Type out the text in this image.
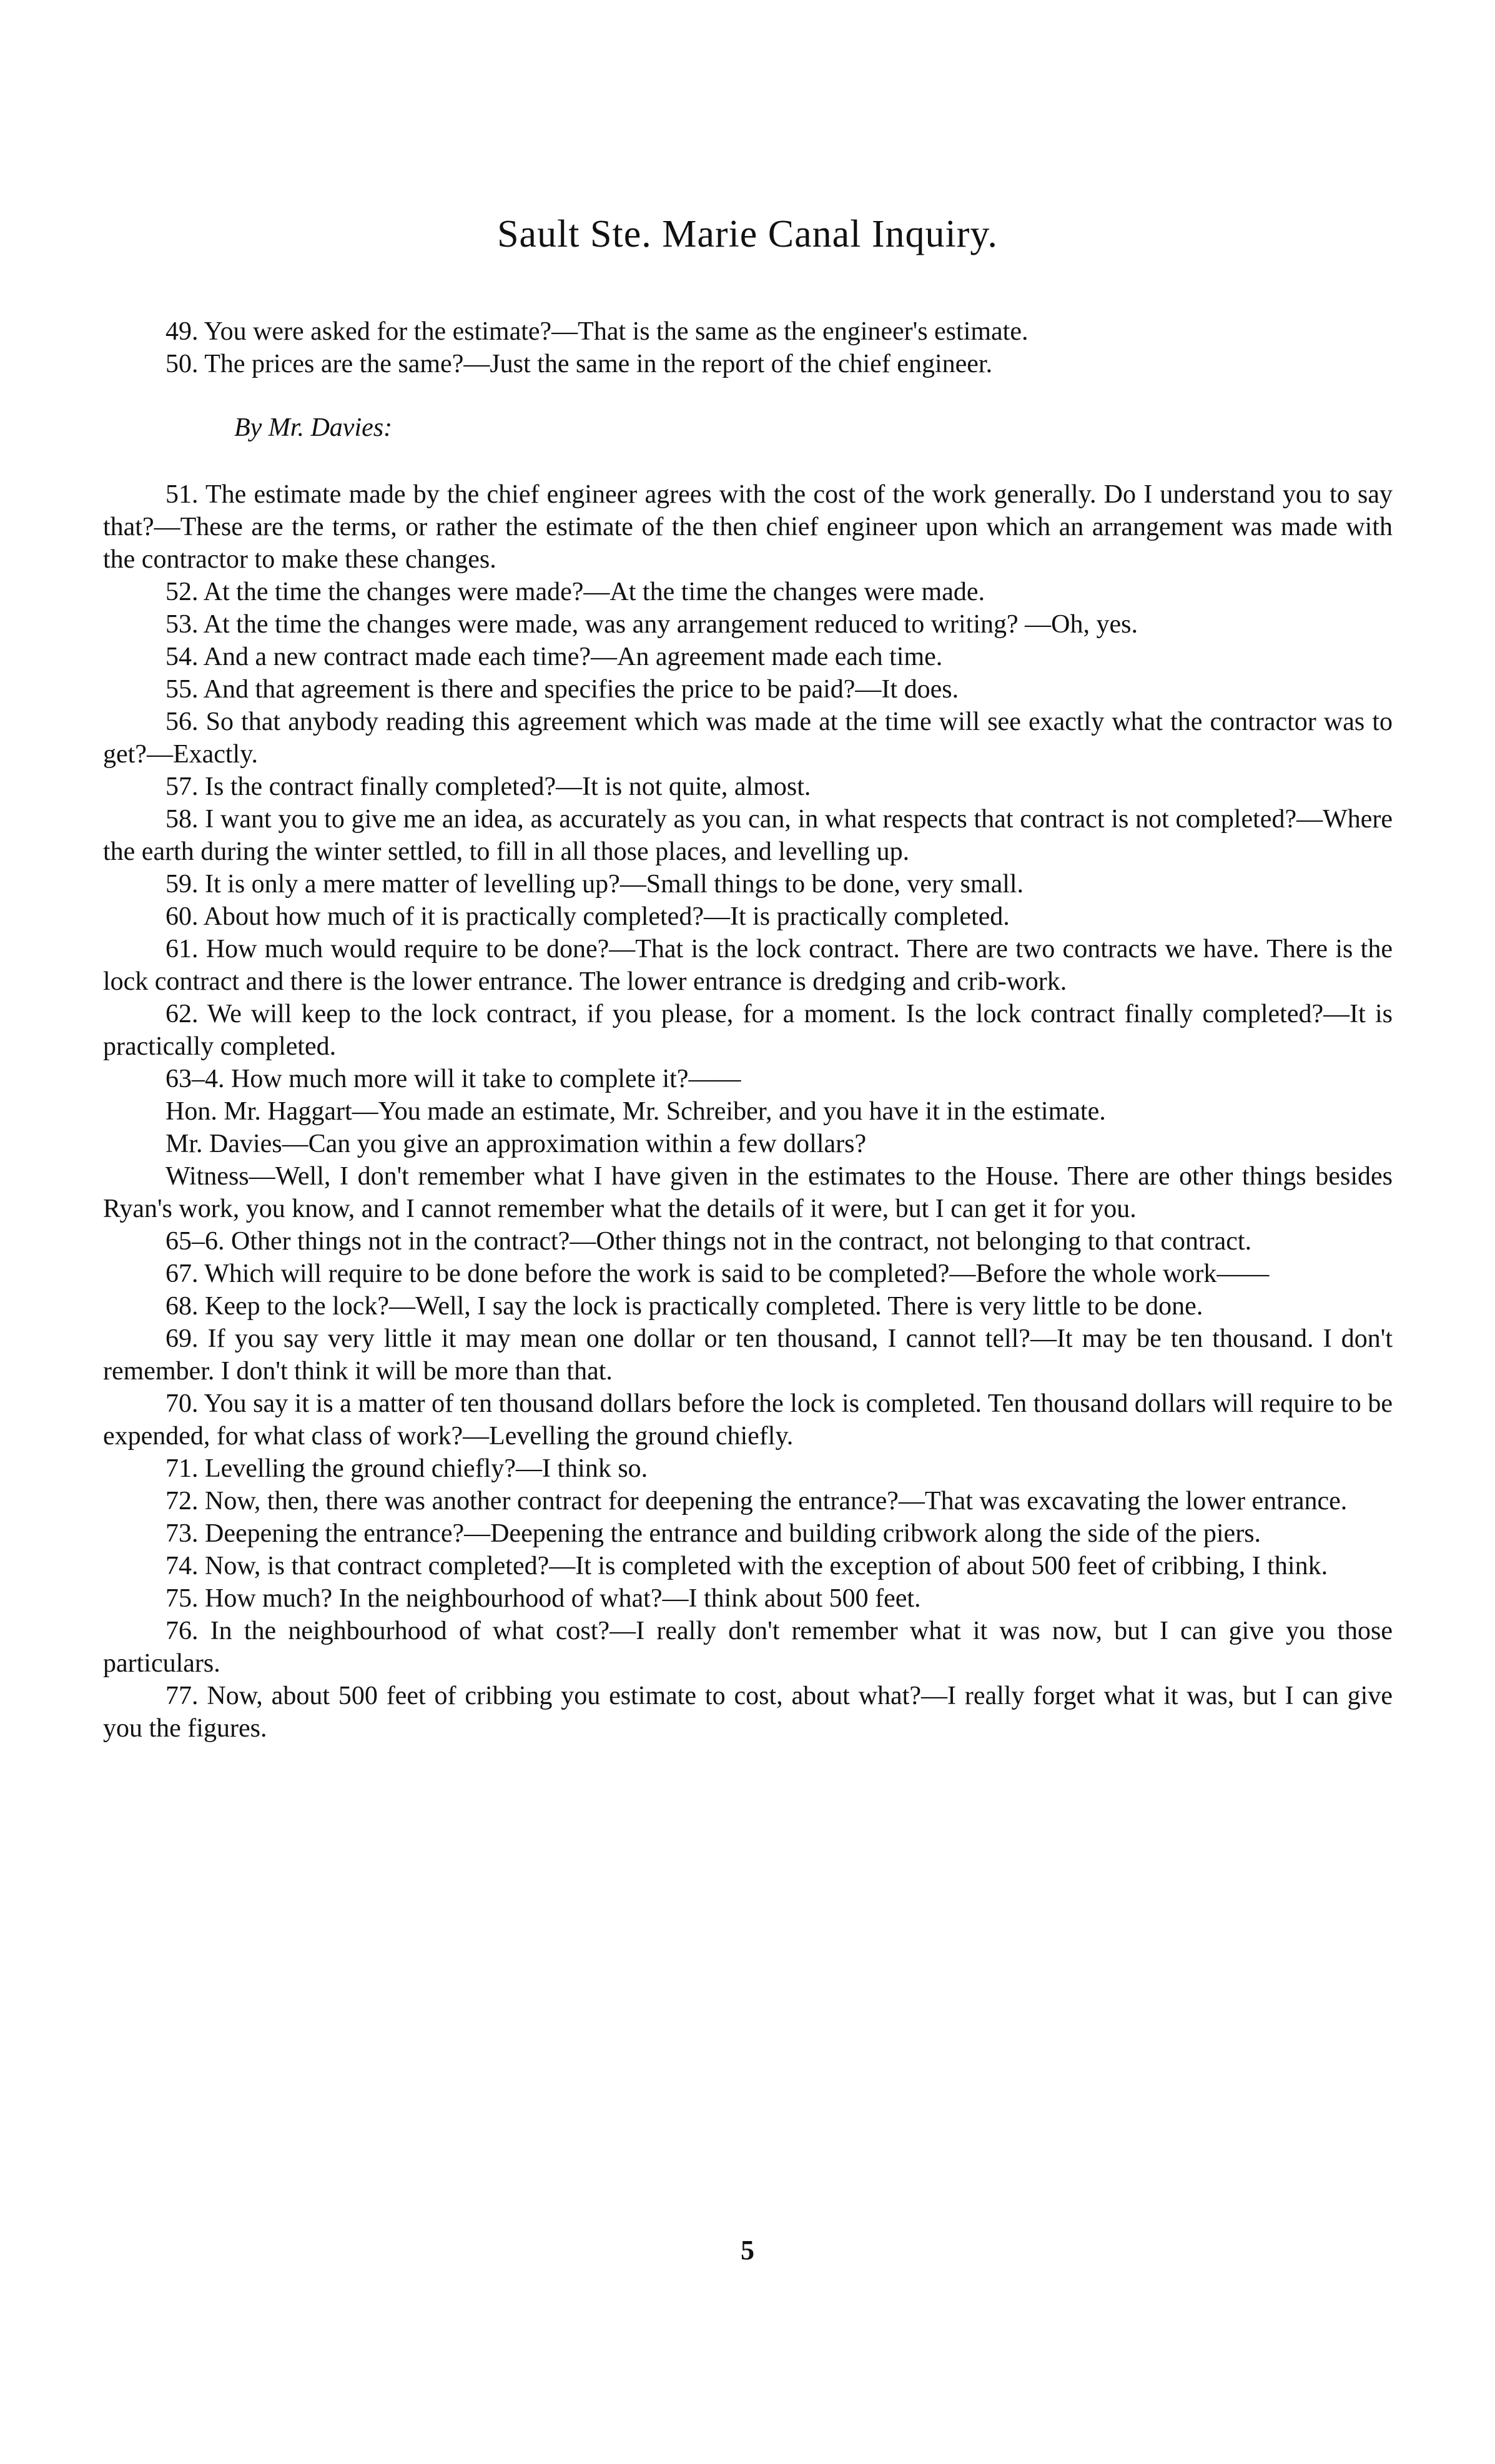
Sault Ste. Marie Canal Inquiry.

49. You were asked for the estimate?—That is the same as the engineer's estimate.

50. The prices are the same?—Just the same in the report of the chief engineer.

By Mr. Davies:

51. The estimate made by the chief engineer agrees with the cost of the work generally. Do I understand you to say that?—These are the terms, or rather the estimate of the then chief engineer upon which an arrangement was made with the contractor to make these changes.

52. At the time the changes were made?—At the time the changes were made.

53. At the time the changes were made, was any arrangement reduced to writing? —Oh, yes.

54. And a new contract made each time?—An agreement made each time.

55. And that agreement is there and specifies the price to be paid?—It does.

56. So that anybody reading this agreement which was made at the time will see exactly what the contractor was to get?—Exactly.

57. Is the contract finally completed?—It is not quite, almost.

58. I want you to give me an idea, as accurately as you can, in what respects that contract is not completed?—Where the earth during the winter settled, to fill in all those places, and levelling up.

59. It is only a mere matter of levelling up?—Small things to be done, very small.

60. About how much of it is practically completed?—It is practically completed.

61. How much would require to be done?—That is the lock contract. There are two contracts we have. There is the lock contract and there is the lower entrance. The lower entrance is dredging and crib-work.

62. We will keep to the lock contract, if you please, for a moment. Is the lock contract finally completed?—It is practically completed.

63–4. How much more will it take to complete it?——

Hon. Mr. Haggart—You made an estimate, Mr. Schreiber, and you have it in the estimate.

Mr. Davies—Can you give an approximation within a few dollars?

Witness—Well, I don't remember what I have given in the estimates to the House. There are other things besides Ryan's work, you know, and I cannot remember what the details of it were, but I can get it for you.

65–6. Other things not in the contract?—Other things not in the contract, not belonging to that contract.

67. Which will require to be done before the work is said to be completed?—Before the whole work——

68. Keep to the lock?—Well, I say the lock is practically completed. There is very little to be done.

69. If you say very little it may mean one dollar or ten thousand, I cannot tell?—It may be ten thousand. I don't remember. I don't think it will be more than that.

70. You say it is a matter of ten thousand dollars before the lock is completed. Ten thousand dollars will require to be expended, for what class of work?—Levelling the ground chiefly.

71. Levelling the ground chiefly?—I think so.

72. Now, then, there was another contract for deepening the entrance?—That was excavating the lower entrance.

73. Deepening the entrance?—Deepening the entrance and building cribwork along the side of the piers.

74. Now, is that contract completed?—It is completed with the exception of about 500 feet of cribbing, I think.

75. How much? In the neighbourhood of what?—I think about 500 feet.

76. In the neighbourhood of what cost?—I really don't remember what it was now, but I can give you those particulars.

77. Now, about 500 feet of cribbing you estimate to cost, about what?—I really forget what it was, but I can give you the figures.

5
